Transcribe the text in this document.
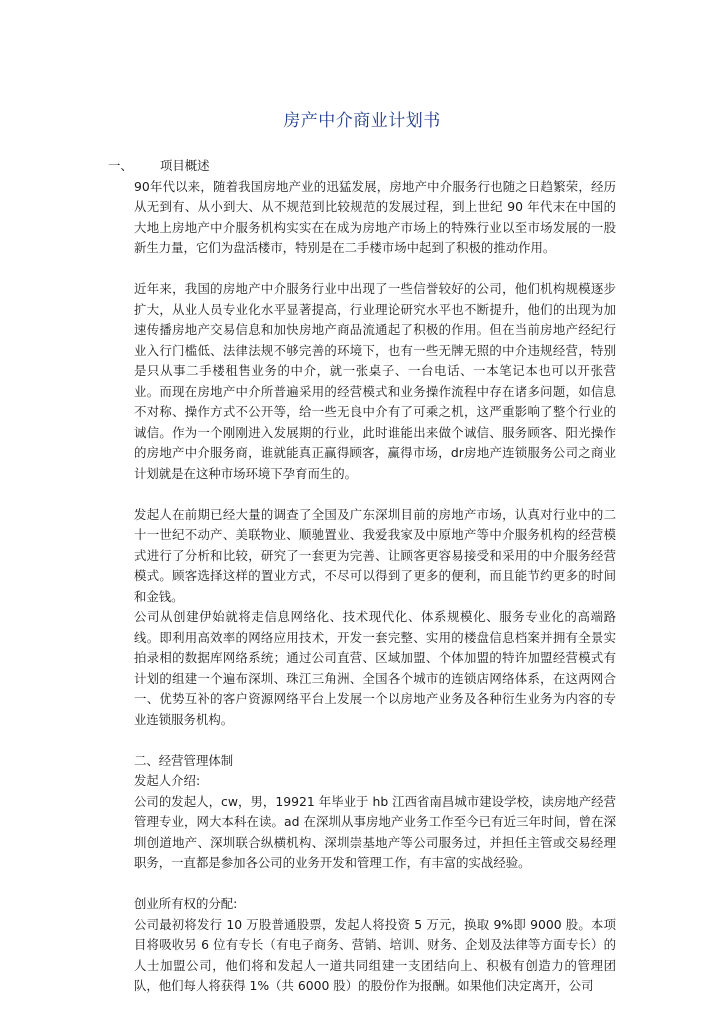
房产中介商业计划书
一、 项目概述

90年代以来，随着我国房地产业的迅猛发展，房地产中介服务行也随之日趋繁荣，经历从无到有、从小到大、从不规范到比较规范的发展过程，到上世纪 90 年代末在中国的大地上房地产中介服务机构实实在在成为房地产市场上的特殊行业以至市场发展的一股新生力量，它们为盘活楼市，特别是在二手楼市场中起到了积极的推动作用。

近年来，我国的房地产中介服务行业中出现了一些信誉较好的公司，他们机构规模逐步扩大，从业人员专业化水平显著提高，行业理论研究水平也不断提升，他们的出现为加速传播房地产交易信息和加快房地产商品流通起了积极的作用。但在当前房地产经纪行业入行门槛低、法律法规不够完善的环境下，也有一些无牌无照的中介违规经营，特别是只从事二手楼租售业务的中介，就一张桌子、一台电话、一本笔记本也可以开张营业。而现在房地产中介所普遍采用的经营模式和业务操作流程中存在诸多问题，如信息不对称、操作方式不公开等，给一些无良中介有了可乘之机，这严重影响了整个行业的诚信。作为一个刚刚进入发展期的行业，此时谁能出来做个诚信、服务顾客、阳光操作的房地产中介服务商，谁就能真正赢得顾客，赢得市场，dr房地产连锁服务公司之商业计划就是在这种市场环境下孕育而生的。

发起人在前期已经大量的调查了全国及广东深圳目前的房地产市场，认真对行业中的二十一世纪不动产、美联物业、顺驰置业、我爱我家及中原地产等中介服务机构的经营模式进行了分析和比较，研究了一套更为完善、让顾客更容易接受和采用的中介服务经营模式。顾客选择这样的置业方式，不尽可以得到了更多的便利，而且能节约更多的时间和金钱。

公司从创建伊始就将走信息网络化、技术现代化、体系规模化、服务专业化的高端路线。即利用高效率的网络应用技术，开发一套完整、实用的楼盘信息档案并拥有全景实拍录相的数据库网络系统；通过公司直营、区域加盟、个体加盟的特许加盟经营模式有计划的组建一个遍布深圳、珠江三角洲、全国各个城市的连锁店网络体系，在这两网合一、优势互补的客户资源网络平台上发展一个以房地产业务及各种衍生业务为内容的专业连锁服务机构。

二、经营管理体制

发起人介绍:

公司的发起人，cw，男，19921 年毕业于 hb 江西省南昌城市建设学校，读房地产经营管理专业，网大本科在读。ad 在深圳从事房地产业务工作至今已有近三年时间，曾在深圳创道地产、深圳联合纵横机构、深圳崇基地产等公司服务过，并担任主管或交易经理职务，一直都是参加各公司的业务开发和管理工作，有丰富的实战经验。

创业所有权的分配:

公司最初将发行 10 万股普通股票，发起人将投资 5 万元，换取 9%即 9000 股。本项目将吸收另 6 位有专长（有电子商务、营销、培训、财务、企划及法律等方面专长）的人士加盟公司，他们将和发起人一道共同组建一支团结向上、积极有创造力的管理团队，他们每人将获得 1%（共 6000 股）的股份作为报酬。如果他们决定离开，公司
